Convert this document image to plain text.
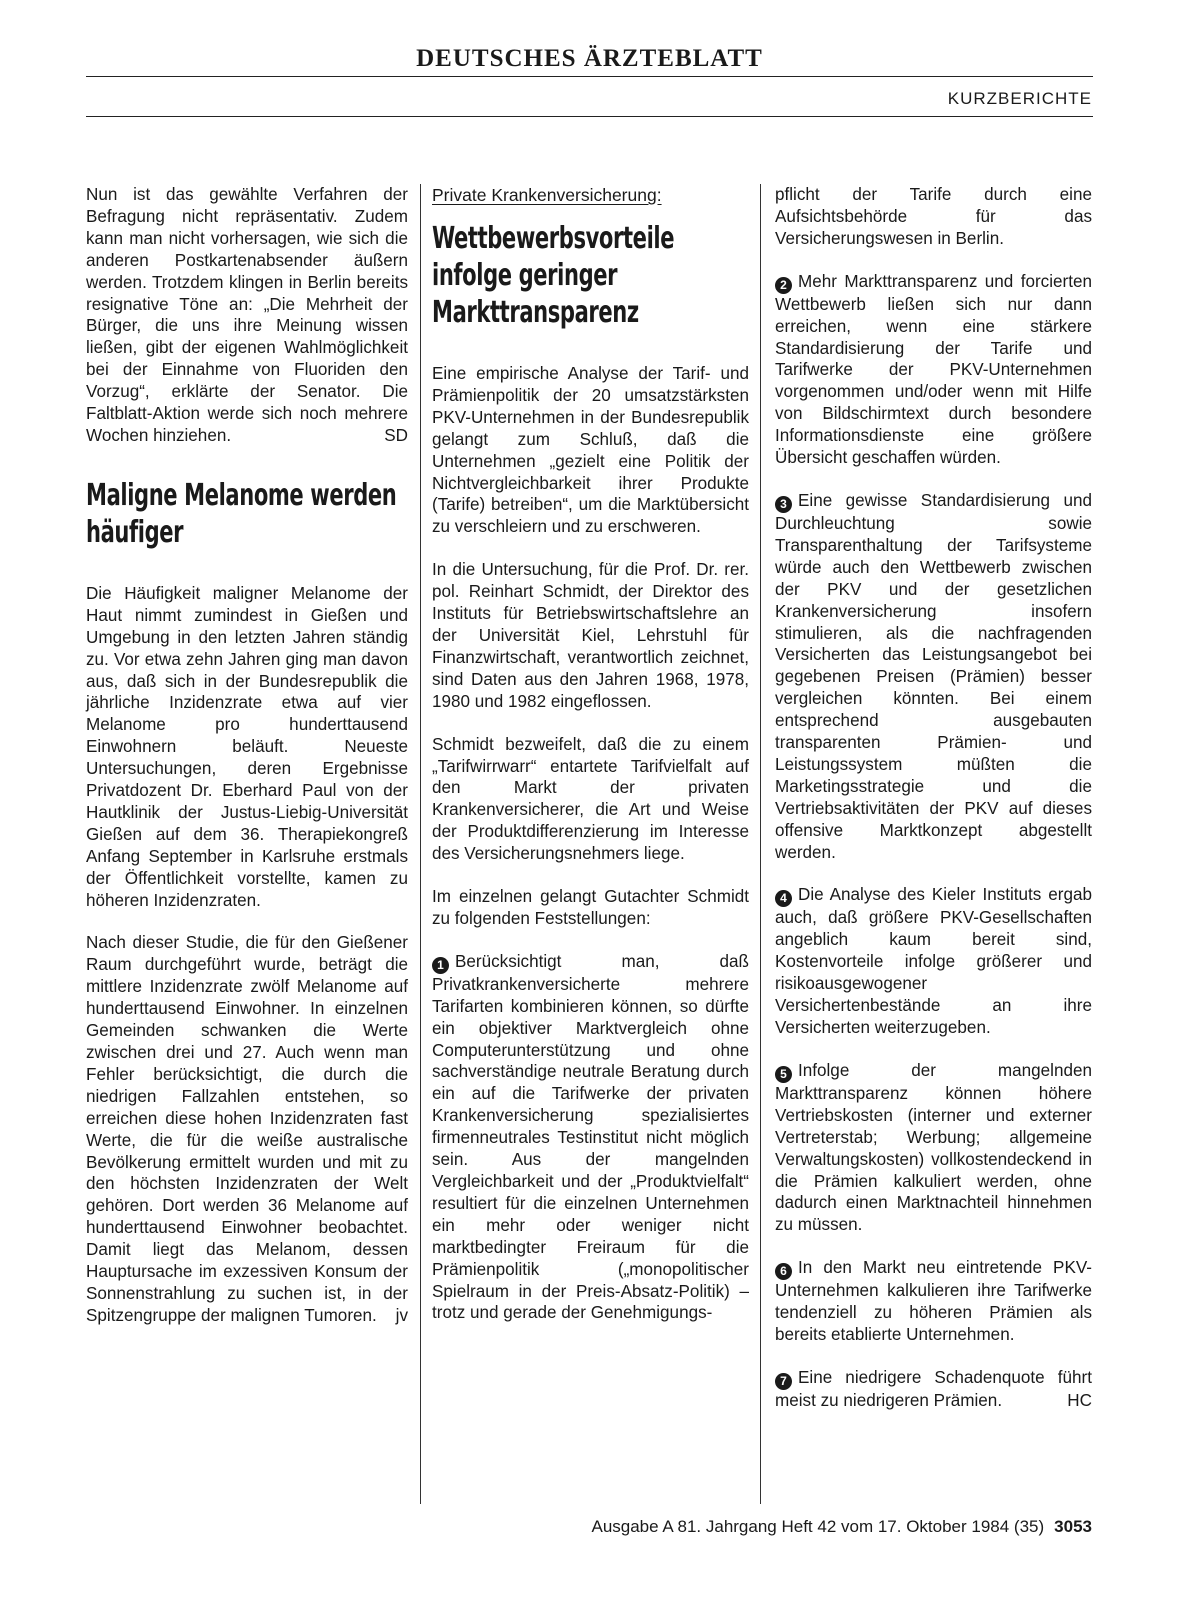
DEUTSCHES ÄRZTEBLATT
KURZBERICHTE

Nun ist das gewählte Verfahren der Befragung nicht repräsentativ. Zudem kann man nicht vorhersagen, wie sich die anderen Postkartenabsender äußern werden. Trotzdem klingen in Berlin bereits resignative Töne an: „Die Mehrheit der Bürger, die uns ihre Meinung wissen ließen, gibt der eigenen Wahlmöglichkeit bei der Einnahme von Fluoriden den Vorzug“, erklärte der Senator. Die Faltblatt-Aktion werde sich noch mehrere Wochen hinziehen.	SD

Maligne Melanome werden häufiger

Die Häufigkeit maligner Melanome der Haut nimmt zumindest in Gießen und Umgebung in den letzten Jahren ständig zu. Vor etwa zehn Jahren ging man davon aus, daß sich in der Bundesrepublik die jährliche Inzidenzrate etwa auf vier Melanome pro hunderttausend Einwohnern beläuft. Neueste Untersuchungen, deren Ergebnisse Privatdozent Dr. Eberhard Paul von der Hautklinik der Justus-Liebig-Universität Gießen auf dem 36. Therapiekongreß Anfang September in Karlsruhe erstmals der Öffentlichkeit vorstellte, kamen zu höheren Inzidenzraten.

Nach dieser Studie, die für den Gießener Raum durchgeführt wurde, beträgt die mittlere Inzidenzrate zwölf Melanome auf hunderttausend Einwohner. In einzelnen Gemeinden schwanken die Werte zwischen drei und 27. Auch wenn man Fehler berücksichtigt, die durch die niedrigen Fallzahlen entstehen, so erreichen diese hohen Inzidenzraten fast Werte, die für die weiße australische Bevölkerung ermittelt wurden und mit zu den höchsten Inzidenzraten der Welt gehören. Dort werden 36 Melanome auf hunderttausend Einwohner beobachtet. Damit liegt das Melanom, dessen Hauptursache im exzessiven Konsum der Sonnenstrahlung zu suchen ist, in der Spitzengruppe der malignen Tumoren. jv

Private Krankenversicherung:
Wettbewerbsvorteile infolge geringer Markttransparenz

Eine empirische Analyse der Tarif- und Prämienpolitik der 20 umsatzstärksten PKV-Unternehmen in der Bundesrepublik gelangt zum Schluß, daß die Unternehmen „gezielt eine Politik der Nichtvergleichbarkeit ihrer Produkte (Tarife) betreiben“, um die Marktübersicht zu verschleiern und zu erschweren.

In die Untersuchung, für die Prof. Dr. rer. pol. Reinhart Schmidt, der Direktor des Instituts für Betriebswirtschaftslehre an der Universität Kiel, Lehrstuhl für Finanzwirtschaft, verantwortlich zeichnet, sind Daten aus den Jahren 1968, 1978, 1980 und 1982 eingeflossen.

Schmidt bezweifelt, daß die zu einem „Tarifwirrwarr“ entartete Tarifvielfalt auf den Markt der privaten Krankenversicherer, die Art und Weise der Produktdifferenzierung im Interesse des Versicherungsnehmers liege.

Im einzelnen gelangt Gutachter Schmidt zu folgenden Feststellungen:

1 Berücksichtigt man, daß Privatkrankenversicherte mehrere Tarifarten kombinieren können, so dürfte ein objektiver Marktvergleich ohne Computerunterstützung und ohne sachverständige neutrale Beratung durch ein auf die Tarifwerke der privaten Krankenversicherung spezialisiertes firmenneutrales Testinstitut nicht möglich sein. Aus der mangelnden Vergleichbarkeit und der „Produktvielfalt“ resultiert für die einzelnen Unternehmen ein mehr oder weniger nicht marktbedingter Freiraum für die Prämienpolitik („monopolitischer Spielraum in der Preis-Absatz-Politik) – trotz und gerade der Genehmigungs-

pflicht der Tarife durch eine Aufsichtsbehörde für das Versicherungswesen in Berlin.

2 Mehr Markttransparenz und forcierten Wettbewerb ließen sich nur dann erreichen, wenn eine stärkere Standardisierung der Tarife und Tarifwerke der PKV-Unternehmen vorgenommen und/oder wenn mit Hilfe von Bildschirmtext durch besondere Informationsdienste eine größere Übersicht geschaffen würden.

3 Eine gewisse Standardisierung und Durchleuchtung sowie Transparenthaltung der Tarifsysteme würde auch den Wettbewerb zwischen der PKV und der gesetzlichen Krankenversicherung insofern stimulieren, als die nachfragenden Versicherten das Leistungsangebot bei gegebenen Preisen (Prämien) besser vergleichen könnten. Bei einem entsprechend ausgebauten transparenten Prämien- und Leistungssystem müßten die Marketingsstrategie und die Vertriebsaktivitäten der PKV auf dieses offensive Marktkonzept abgestellt werden.

4 Die Analyse des Kieler Instituts ergab auch, daß größere PKV-Gesellschaften angeblich kaum bereit sind, Kostenvorteile infolge größerer und risikoausgewogener Versichertenbestände an ihre Versicherten weiterzugeben.

5 Infolge der mangelnden Markttransparenz können höhere Vertriebskosten (interner und externer Vertreterstab; Werbung; allgemeine Verwaltungskosten) vollkostendeckend in die Prämien kalkuliert werden, ohne dadurch einen Marktnachteil hinnehmen zu müssen.

6 In den Markt neu eintretende PKV-Unternehmen kalkulieren ihre Tarifwerke tendenziell zu höheren Prämien als bereits etablierte Unternehmen.

7 Eine niedrigere Schadenquote führt meist zu niedrigeren Prämien.	HC

Ausgabe A 81. Jahrgang Heft 42 vom 17. Oktober 1984 (35) 3053
